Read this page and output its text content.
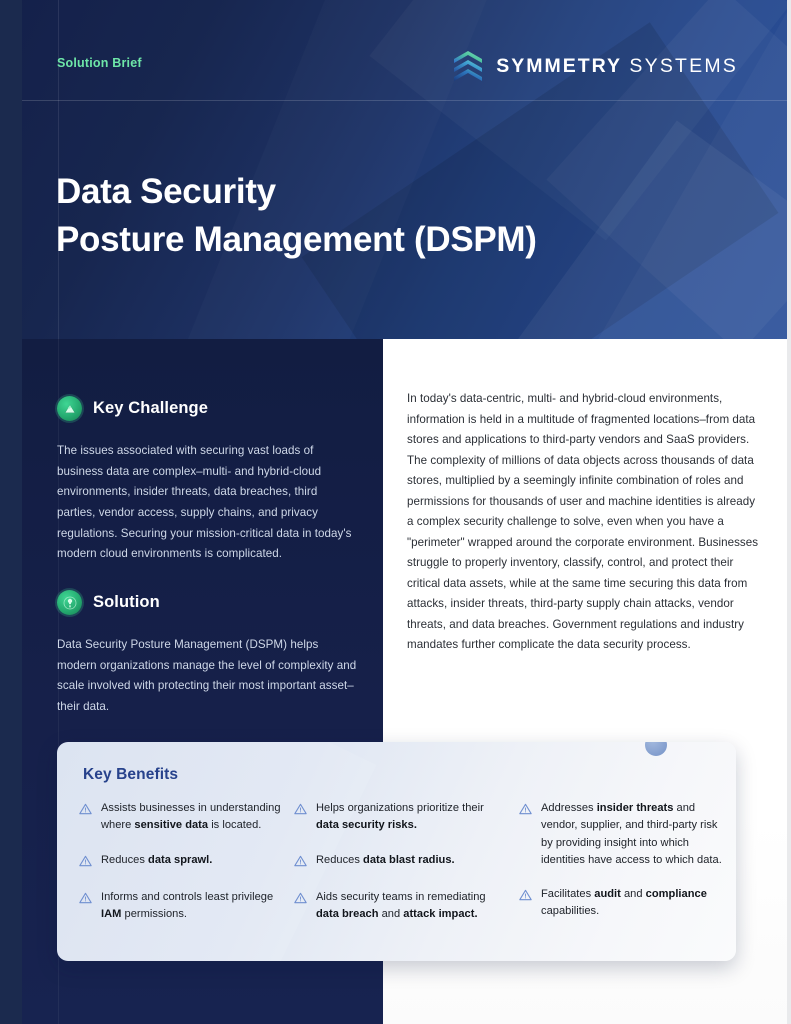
Solution Brief	SYMMETRY SYSTEMS
Data Security
Posture Management (DSPM)
Key Challenge
The issues associated with securing vast loads of business data are complex–multi- and hybrid-cloud environments, insider threats, data breaches, third parties, vendor access, supply chains, and privacy regulations. Securing your mission-critical data in today's modern cloud environments is complicated.
Solution
Data Security Posture Management (DSPM) helps modern organizations manage the level of complexity and scale involved with protecting their most important asset–their data.
In today's data-centric, multi- and hybrid-cloud environments, information is held in a multitude of fragmented locations–from data stores and applications to third-party vendors and SaaS providers. The complexity of millions of data objects across thousands of data stores, multiplied by a seemingly infinite combination of roles and permissions for thousands of user and machine identities is already a complex security challenge to solve, even when you have a "perimeter" wrapped around the corporate environment. Businesses struggle to properly inventory, classify, control, and protect their critical data assets, while at the same time securing this data from attacks, insider threats, third-party supply chain attacks, vendor threats, and data breaches. Government regulations and industry mandates further complicate the data security process.
Key Benefits
Assists businesses in understanding where sensitive data is located.
Reduces data sprawl.
Informs and controls least privilege IAM permissions.
Helps organizations prioritize their data security risks.
Reduces data blast radius.
Aids security teams in remediating data breach and attack impact.
Addresses insider threats and vendor, supplier, and third-party risk by providing insight into which identities have access to which data.
Facilitates audit and compliance capabilities.
